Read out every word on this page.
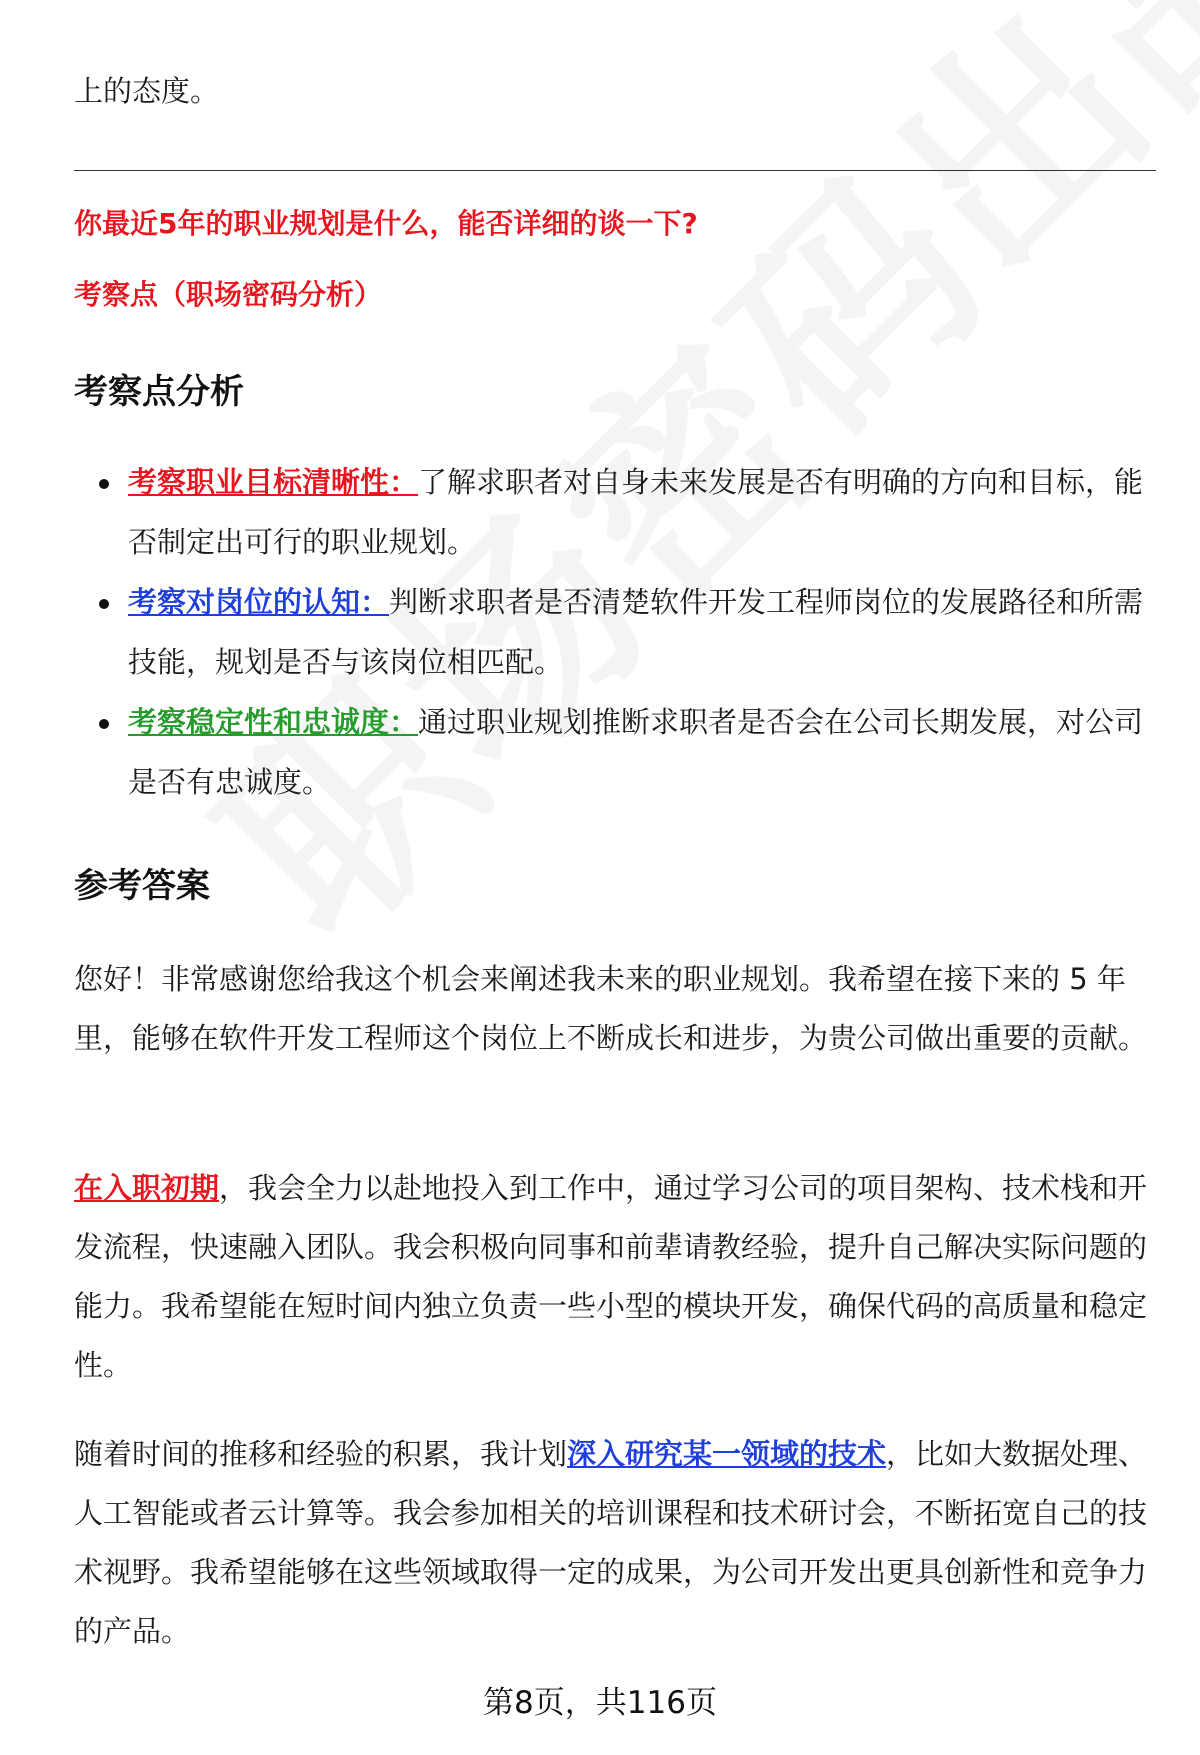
上的态度。
你最近5年的职业规划是什么，能否详细的谈一下?
考察点（职场密码分析）
考察点分析
考察职业目标清晰性：了解求职者对自身未来发展是否有明确的方向和目标，能否制定出可行的职业规划。
考察对岗位的认知：判断求职者是否清楚软件开发工程师岗位的发展路径和所需技能，规划是否与该岗位相匹配。
考察稳定性和忠诚度：通过职业规划推断求职者是否会在公司长期发展，对公司是否有忠诚度。
参考答案
您好！非常感谢您给我这个机会来阐述我未来的职业规划。我希望在接下来的 5 年里，能够在软件开发工程师这个岗位上不断成长和进步，为贵公司做出重要的贡献。
在入职初期，我会全力以赴地投入到工作中，通过学习公司的项目架构、技术栈和开发流程，快速融入团队。我会积极向同事和前辈请教经验，提升自己解决实际问题的能力。我希望能在短时间内独立负责一些小型的模块开发，确保代码的高质量和稳定性。
随着时间的推移和经验的积累，我计划深入研究某一领域的技术，比如大数据处理、人工智能或者云计算等。我会参加相关的培训课程和技术研讨会，不断拓宽自己的技术视野。我希望能够在这些领域取得一定的成果，为公司开发出更具创新性和竞争力的产品。
第8页，共116页
